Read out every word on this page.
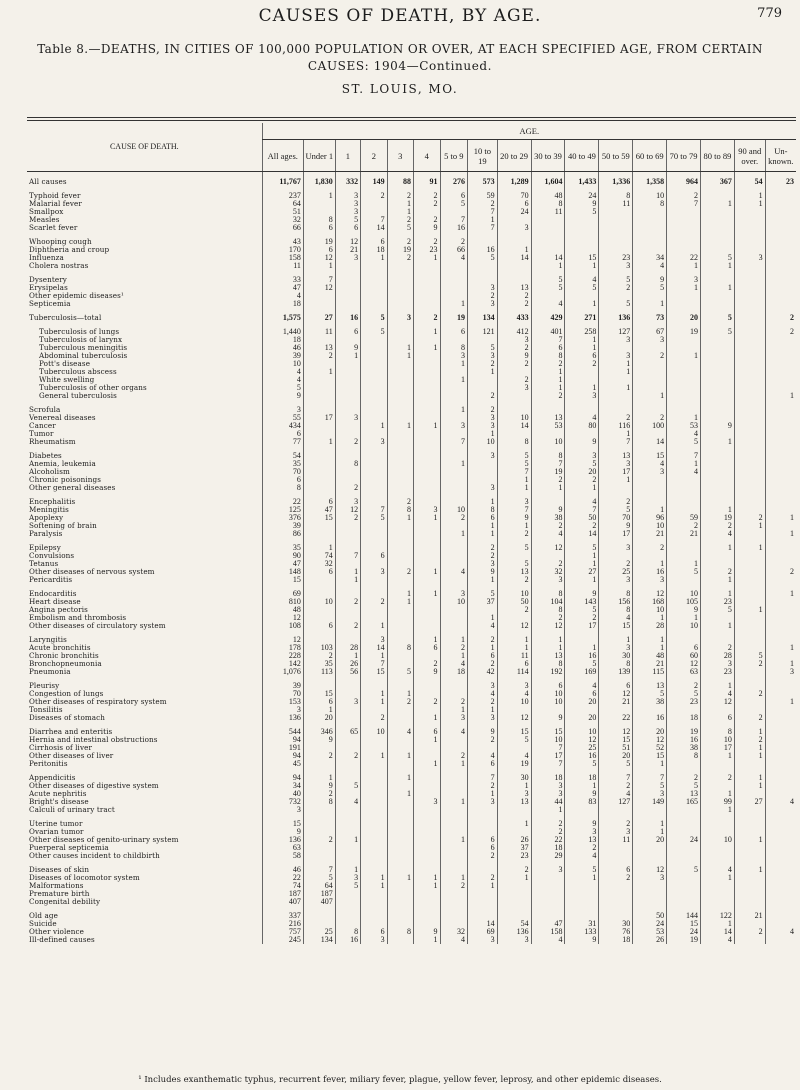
CAUSES OF DEATH, BY AGE.	779
Table 8.—DEATHS, IN CITIES OF 100,000 POPULATION OR OVER, AT EACH SPECIFIED AGE, FROM CERTAIN
CAUSES: 1904—Continued.
ST. LOUIS, MO.
CAUSE OF DEATH.	AGE.																
	All ages.	Under 1	1	2	3	4	5 to 9	10 to 19	20 to 29	30 to 39	40 to 49	50 to 59	60 to 69	70 to 79	80 to 89	90 and over.	Un-known.

All causes	11,767	1,830	332	149	88	91	276	573	1,289	1,604	1,433	1,336	1,358	964	367	54	23

Typhoid fever	237	1	3	2	2	2	6	59	70	48	24	8	10	2		1	
Malarial fever	64		3		1	2	5	2	6	8	9	11	8	7	1	1	
Smallpox	51		3		1			7	24	11	5						
Measles	32	8	5	7	2	2	7	1									
Scarlet fever	66	6	6	14	5	9	16	7	3								

Whooping cough	43	19	12	6	2	2	2										
Diphtheria and croup	170	6	21	18	19	23	66	16	1								
Influenza	158	12	3	1	2	1	4	5	14	14	15	23	34	22	5	3	
Cholera nostras	11	1								1	1	3	4	1	1		

Dysentery	33	7								5	4	5	9	3			
Erysipelas	47	12						3	13	5	5	2	5	1	1		
Other epidemic diseases¹	4							2	2								
Septicemia	18						1	3	2	4	1	5	1				

Tuberculosis—total	1,575	27	16	5	3	2	19	134	433	429	271	136	73	20	5		2

Tuberculosis of lungs	1,440	11	6	5		1	6	121	412	401	258	127	67	19	5		2
Tuberculosis of larynx	18								3	7	1	3	3				
Tuberculous meningitis	46	13	9		1	1	8	5	2	6	1						
Abdominal tuberculosis	39	2	1		1		3	3	9	8	6	3	2	1			
Pott's disease	10						1	2	2	2	2	1					
Tuberculous abscess	4	1						1		1		1					
White swelling	4						1		2	1							
Tuberculosis of other organs	5								3	1	1	1					
General tuberculosis	9							2		2	3		1				1

Scrofula	3						1	2									
Venereal diseases	55	17	3					3	10	13	4	2	2	1			
Cancer	434			1	1	1	3	3	14	53	80	116	100	53	9		
Tumor	6							1				1		4			
Rheumatism	77	1	2	3			7	10	8	10	9	7	14	5	1		

Diabetes	54							3	5	8	3	13	15	7			
Anemia, leukemia	35		8				1		5	7	5	3	4	1			
Alcoholism	70								7	19	20	17	3	4			
Chronic poisonings	6								1	2	2	1					
Other general diseases	8		2					3	1	1	1						

Encephalitis	22	6	3		2			1	3		4	2					
Meningitis	125	47	12	7	8	3	10	8	7	9	7	5	1		1		
Apoplexy	376	15	2	5	1	1	2	6	9	38	50	70	96	59	19	2	1
Softening of brain	39							1	1	2	2	9	10	2	2	1	
Paralysis	86						1	1	2	4	14	17	21	21	4		1

Epilepsy	35	1						2	5	12	5	3	2		1	1	
Convulsions	90	74	7	6				2			1						
Tetanus	47	32						3	5	2	1	2	1	1			
Other diseases of nervous system	148	6	1	3	2	1	4	9	13	32	27	25	16	5	2		2
Pericarditis	15		1					1	2	3	1	3	3		1		

Endocarditis	69				1	1	3	5	10	8	9	8	12	10	1		1
Heart disease	810	10	2	2	1		10	37	50	104	143	156	168	105	23		
Angina pectoris	48								2	8	5	8	10	9	5	1	
Embolism and thrombosis	12							1		2	2	4	1	1			
Other diseases of circulatory system	108	6	2	1				4	12	12	17	15	28	10	1		

Laryngitis	12			3		1	1	2	1	1		1	1				
Acute bronchitis	178	103	28	14	8	6	2	1	1	1	1	3	1	6	2		1
Chronic bronchitis	228	2	1	1			1	6	11	13	16	30	48	60	28	5	
Bronchopneumonia	142	35	26	7		2	4	2	6	8	5	8	21	12	3	2	1
Pneumonia	1,076	113	56	15	5	9	18	42	114	192	169	139	115	63	23		3

Pleurisy	39							3	3	6	4	6	13	2	1		
Congestion of lungs	70	15		1	1			4	4	10	6	12	5	5	4	2	
Other diseases of respiratory system	153	6	3	1	2	2	2	2	10	10	20	21	38	23	12		1
Tonsilitis	3	1					1	1									
Diseases of stomach	136	20		2		1	3	3	12	9	20	22	16	18	6	2	

Diarrhea and enteritis	544	346	65	10	4	6	4	9	15	15	10	12	20	19	8	1	
Hernia and intestinal obstructions	94	9				1		2	5	10	12	15	12	16	10	2	
Cirrhosis of liver	191									7	25	51	52	38	17	1	
Other diseases of liver	94	2	2	1	1		2	4	4	17	16	20	15	8	1	1	
Peritonitis	45					1	1	6	19	7	5	5	1				

Appendicitis	94	1			1			7	30	18	18	7	7	2	2	1	
Other diseases of digestive system	34	9	5					2	1	3	1	2	5	5		1	
Acute nephritis	40	2			1			1	3	3	9	4	3	13	1		
Bright's disease	732	8	4			3	1	3	13	44	83	127	149	165	99	27	4
Calculi of urinary tract	3									1					1		

Uterine tumor	15								1	2	9	2	1				
Ovarian tumor	9									2	3	3	1				
Other diseases of genito-urinary system	136	2	1				1	6	26	22	13	11	20	24	10	1	
Puerperal septicemia	63							6	37	18	2						
Other causes incident to childbirth	58							2	23	29	4						

Diseases of skin	46	7	1						2	3	5	6	12	5	4	1	
Diseases of locomotor system	22	5	3	1	1	1	1	2	1		1	2	3		1		
Malformations	74	64	5	1		1	2	1									
Premature birth	187	187															
Congenital debility	407	407															

Old age	337												50	144	122	21	
Suicide	216							14	54	47	31	30	24	15	1		
Other violence	757	25	8	6	8	9	32	69	136	158	133	76	53	24	14	2	4
Ill-defined causes	245	134	16	3		1	4	3	3	4	9	18	26	19	4		
¹ Includes exanthematic typhus, recurrent fever, miliary fever, plague, yellow fever, leprosy, and other epidemic diseases.
